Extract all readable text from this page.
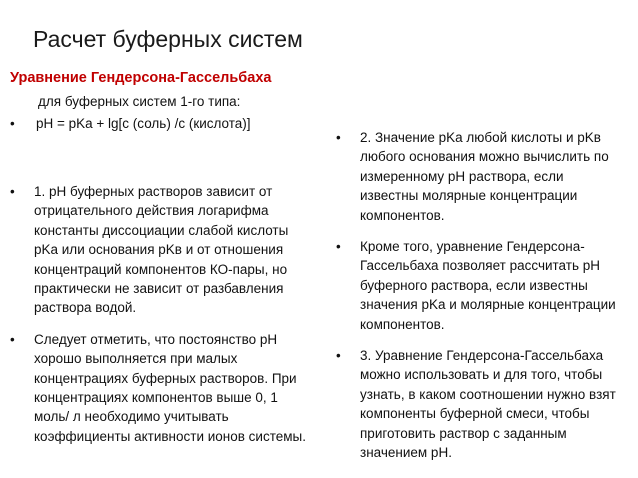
Расчет буферных систем
Уравнение Гендерсона-Гассельбаха
для буферных систем 1-го типа:
• pH = pKa + lg[c (соль) /c (кислота)]
• 1. pH буферных растворов зависит от отрицательного действия логарифма константы диссоциации слабой кислоты pKa или основания pKв и от отношения концентраций компонентов КО-пары, но практически не зависит от разбавления раствора водой.
• Следует отметить, что постоянство pH хорошо выполняется при малых концентрациях буферных растворов. При концентрациях компонентов выше 0, 1 моль/ л необходимо учитывать коэффициенты активности ионов системы.
• 2. Значение pKa любой кислоты и pKв любого основания можно вычислить по измеренному pH раствора, если известны молярные концентрации компонентов.
• Кроме того, уравнение Гендерсона-Гассельбаха позволяет рассчитать pH буферного раствора, если известны значения pKa и молярные концентрации компонентов.
• 3. Уравнение Гендерсона-Гассельбаха можно использовать и для того, чтобы узнать, в каком соотношении нужно взят компоненты буферной смеси, чтобы приготовить раствор с заданным значением pH.
